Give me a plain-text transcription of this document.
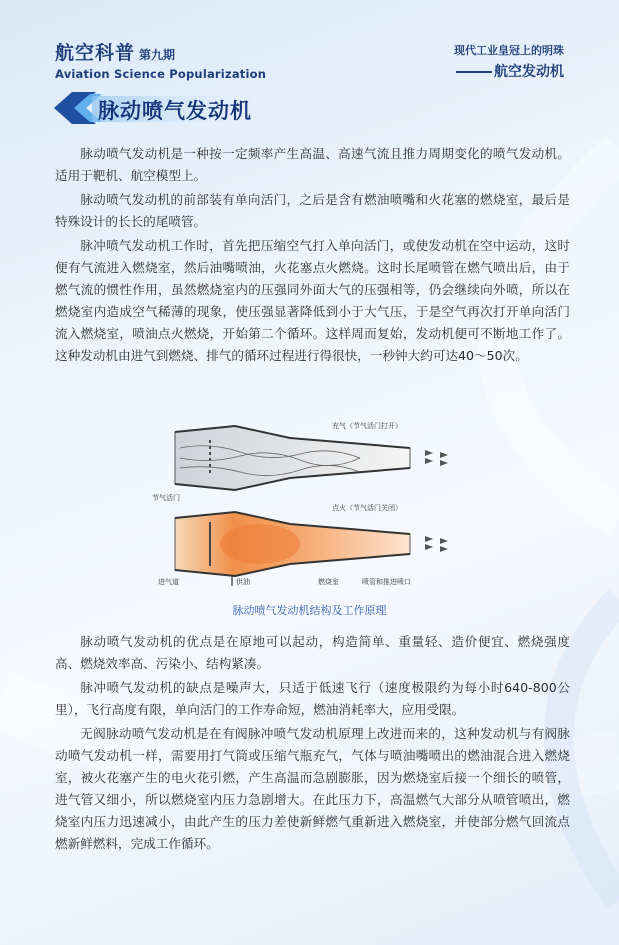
航空科普 第九期
Aviation Science Popularization
现代工业皇冠上的明珠
航空发动机
脉动喷气发动机

脉动喷气发动机是一种按一定频率产生高温、高速气流且推力周期变化的喷气发动机。适用于靶机、航空模型上。

脉动喷气发动机的前部装有单向活门，之后是含有燃油喷嘴和火花塞的燃烧室，最后是特殊设计的长长的尾喷管。

脉冲喷气发动机工作时，首先把压缩空气打入单向活门，或使发动机在空中运动，这时便有气流进入燃烧室，然后油嘴喷油，火花塞点火燃烧。这时长尾喷管在燃气喷出后，由于燃气流的惯性作用，虽然燃烧室内的压强同外面大气的压强相等，仍会继续向外喷，所以在燃烧室内造成空气稀薄的现象，使压强显著降低到小于大气压，于是空气再次打开单向活门流入燃烧室，喷油点火燃烧，开始第二个循环。这样周而复始，发动机便可不断地工作了。这种发动机由进气到燃烧、排气的循环过程进行得很快，一秒钟大约可达40～50次。

充气（节气活门打开）
点火（节气活门关闭）
节气活门
进气道	供油	燃烧室	喷管和推进喷口
脉动喷气发动机结构及工作原理

脉动喷气发动机的优点是在原地可以起动，构造简单、重量轻、造价便宜、燃烧强度高、燃烧效率高、污染小、结构紧凑。

脉冲喷气发动机的缺点是噪声大，只适于低速飞行（速度极限约为每小时640-800公里），飞行高度有限，单向活门的工作寿命短，燃油消耗率大，应用受限。

无阀脉动喷气发动机是在有阀脉冲喷气发动机原理上改进而来的，这种发动机与有阀脉动喷气发动机一样，需要用打气筒或压缩气瓶充气，气体与喷油嘴喷出的燃油混合进入燃烧室，被火花塞产生的电火花引燃，产生高温而急剧膨胀，因为燃烧室后接一个细长的喷管，进气管又细小，所以燃烧室内压力急剧增大。在此压力下，高温燃气大部分从喷管喷出，燃烧室内压力迅速减小，由此产生的压力差使新鲜燃气重新进入燃烧室，并使部分燃气回流点燃新鲜燃料，完成工作循环。
